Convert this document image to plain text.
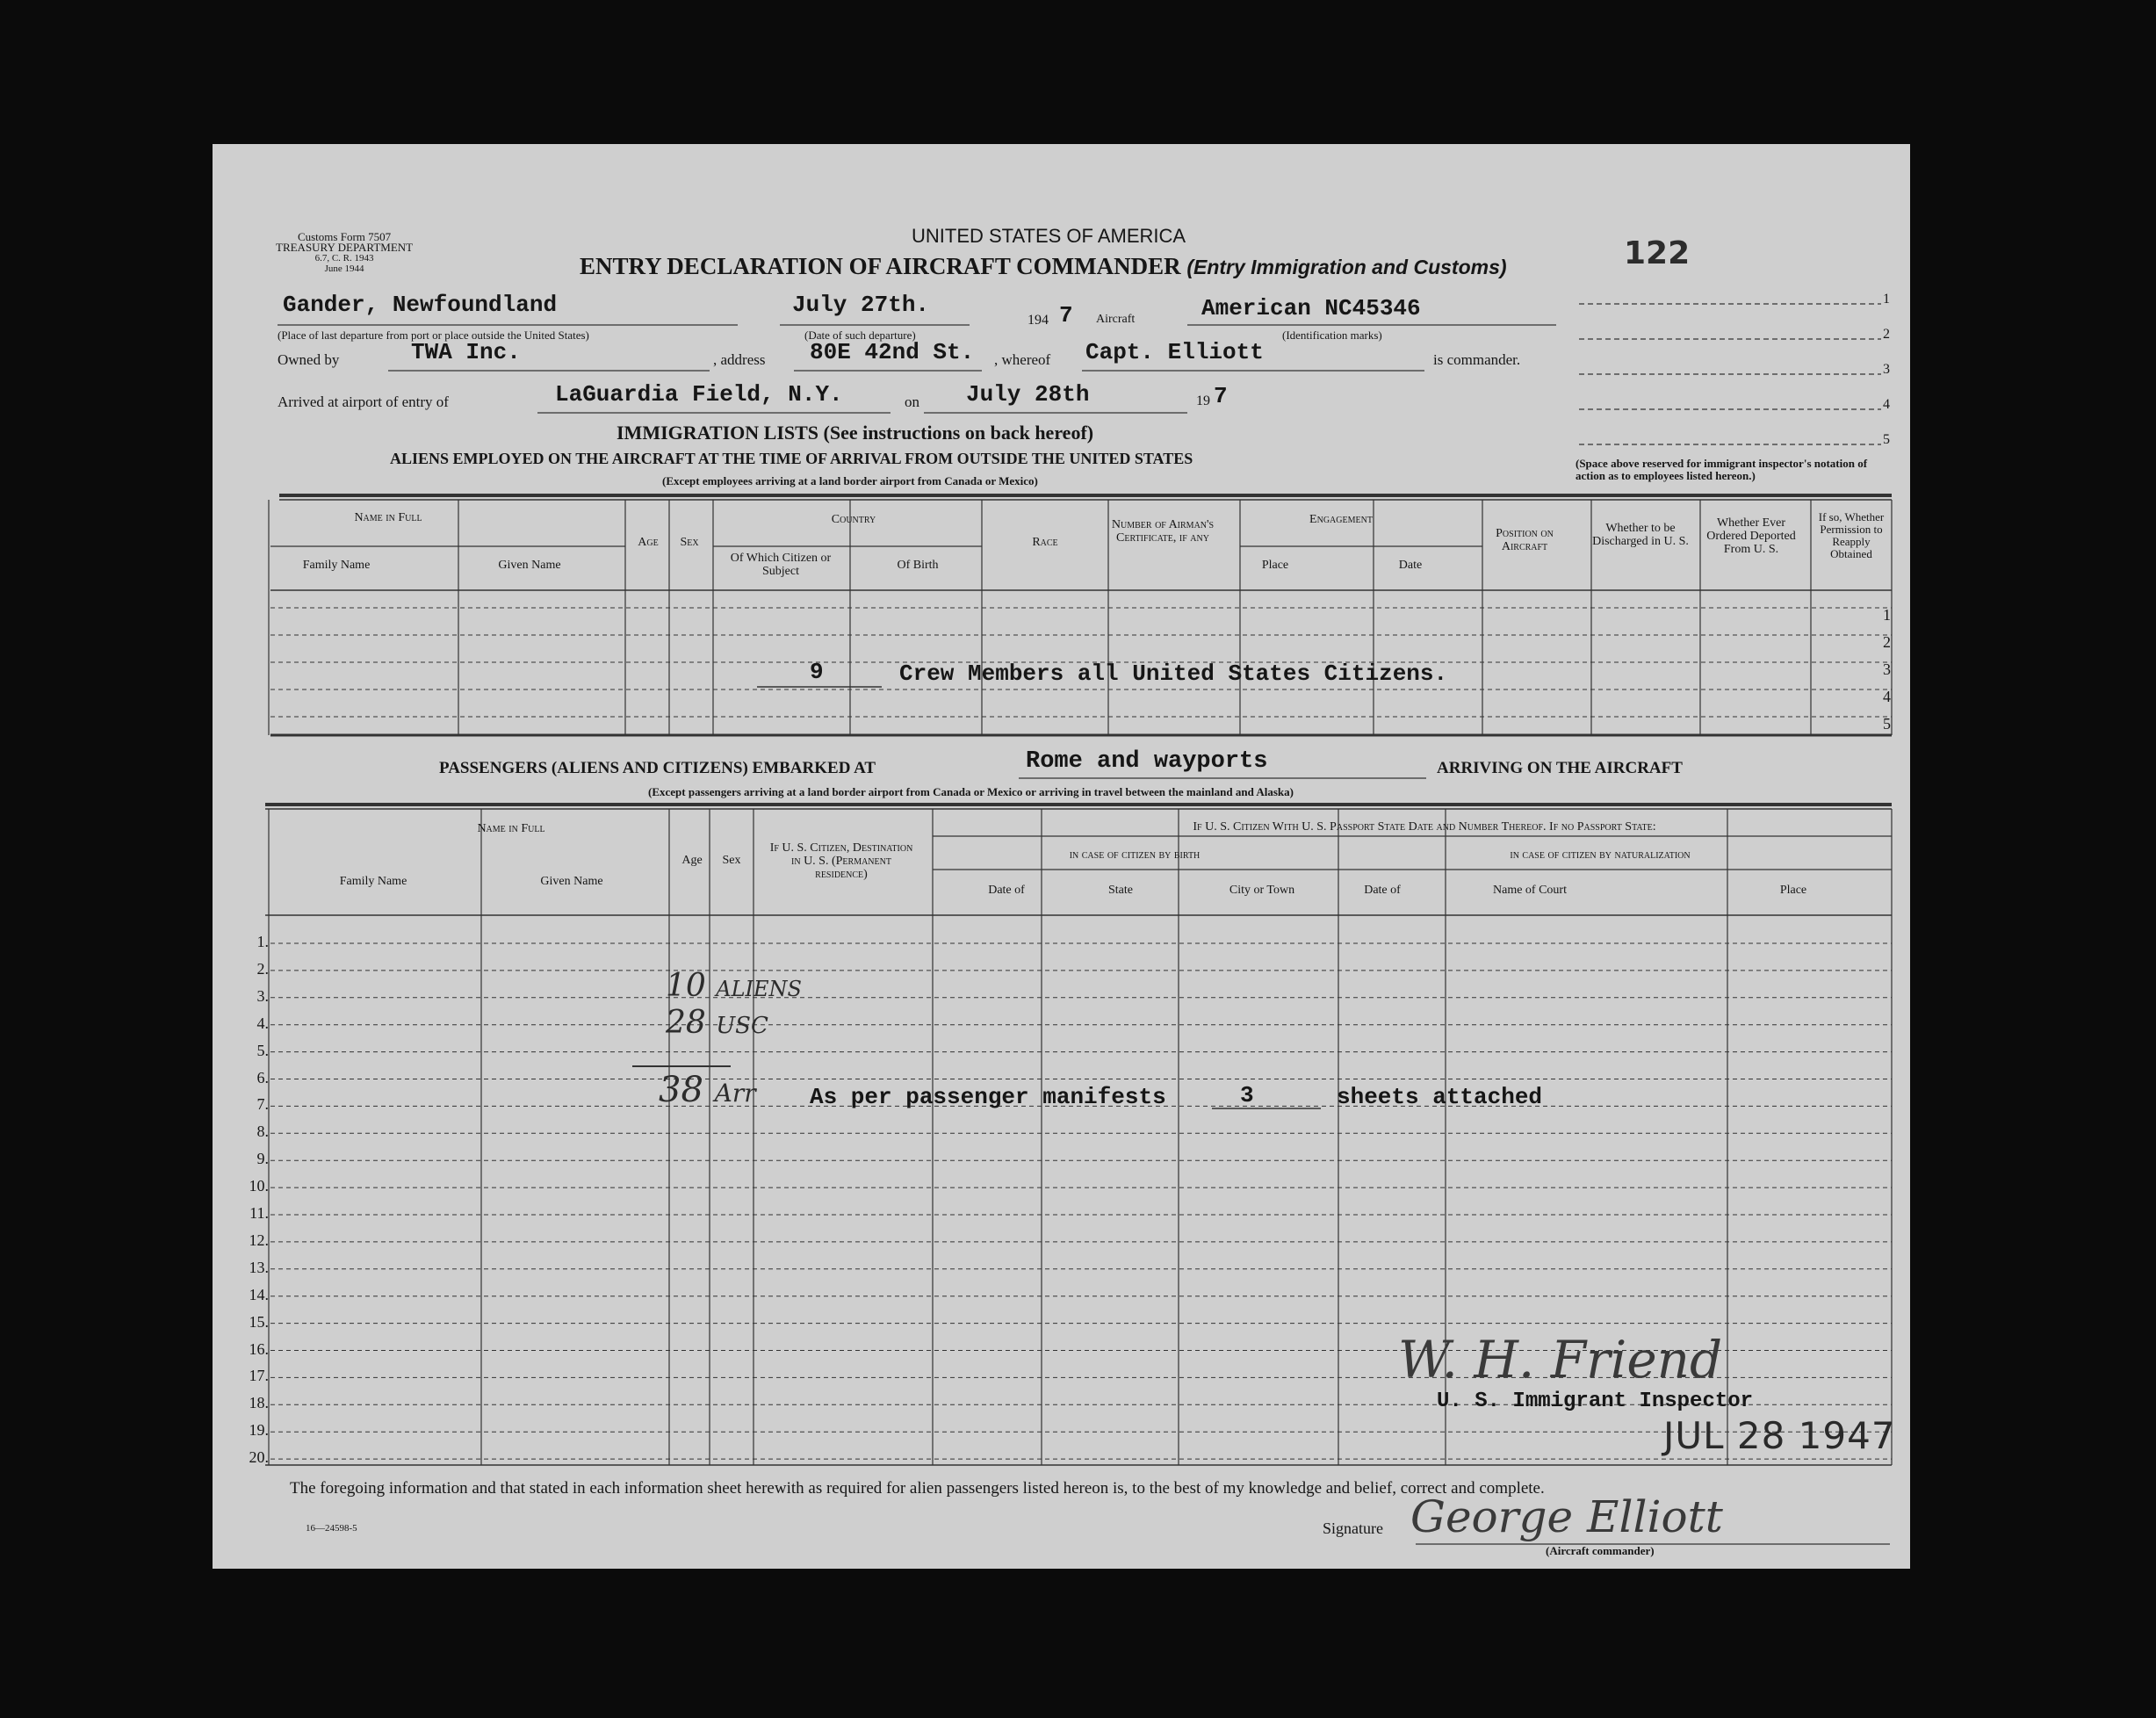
Customs Form 7507
TREASURY DEPARTMENT
6.7, C. R. 1943
June 1944
UNITED STATES OF AMERICA
ENTRY DECLARATION OF AIRCRAFT COMMANDER (Entry Immigration and Customs)	122
Gander, Newfoundland
(Place of last departure from port or place outside the United States)
July 27th.
(Date of such departure)
194 7 Aircraft	American NC45346
(Identification marks)
Owned by	TWA Inc.	, address 80E 42nd St. , whereof Capt. Elliott	is commander.
Arrived at airport of entry of	LaGuardia Field, N.Y.	on July 28th	19 7
1
2
3
4
5
(Space above reserved for immigrant inspector's notation of action as to employees listed hereon.)
IMMIGRATION LISTS (See instructions on back hereof)
ALIENS EMPLOYED ON THE AIRCRAFT AT THE TIME OF ARRIVAL FROM OUTSIDE THE UNITED STATES
(Except employees arriving at a land border airport from Canada or Mexico)
Name in Full
Family Name	Given Name
Age	Sex
Country
Of Which Citizen or Subject	Of Birth
Race
Number of Airman's Certificate, if any
Engagement
Place	Date
Position on Aircraft
Whether to be Discharged in U. S.
Whether Ever Ordered Deported From U. S.
If so, Whether Permission to Reapply Obtained
1
2
3
4
5
9	Crew Members all United States Citizens.
PASSENGERS (ALIENS AND CITIZENS) EMBARKED AT	Rome and wayports	ARRIVING ON THE AIRCRAFT
(Except passengers arriving at a land border airport from Canada or Mexico or arriving in travel between the mainland and Alaska)
Name in Full
Family Name	Given Name
Age	Sex
If U. S. Citizen, Destination in U. S. (Permanent residence)
If U. S. Citizen With U. S. Passport State Date and Number Thereof. If no Passport State:
in case of citizen by birth	in case of citizen by naturalization
Date of	State	City or Town	Date of	Name of Court	Place
1.
2.
3.
4.
5.
6.
7.
8.
9.
10.
11.
12.
13.
14.
15.
16.
17.
18.
19.
20.
10 ALIENS
28 USC
38 Arr As per passenger manifests	3	sheets attached
W. H. Friend
U. S. Immigrant Inspector
JUL 28 1947
The foregoing information and that stated in each information sheet herewith as required for alien passengers listed hereon is, to the best of my knowledge and belief, correct and complete.
16—24598-5	Signature George Elliott
(Aircraft commander)
